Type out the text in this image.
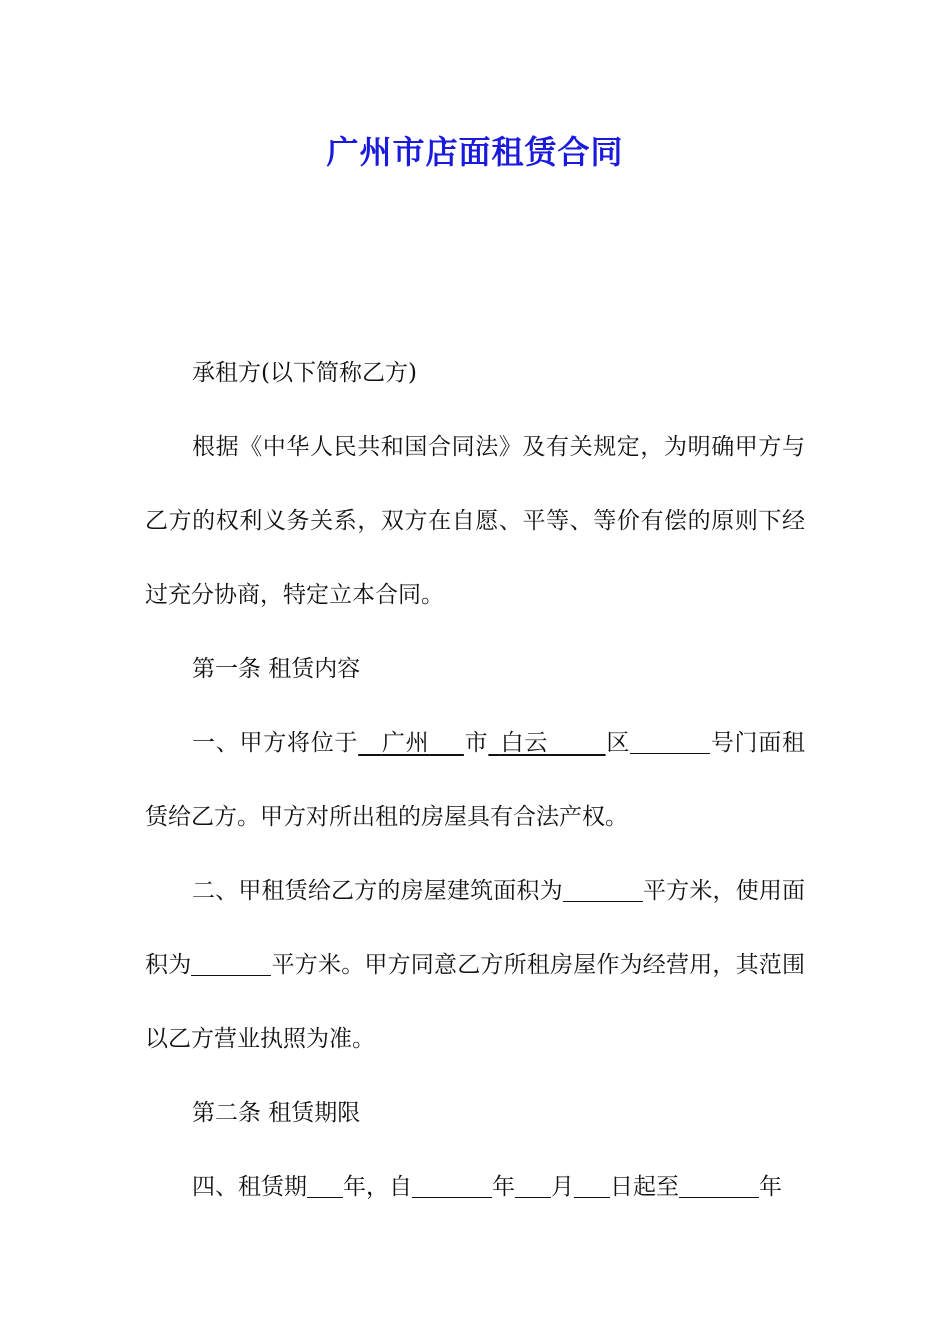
广州市店面租赁合同

承租方(以下简称乙方)

根据《中华人民共和国合同法》及有关规定，为明确甲方与乙方的权利义务关系，双方在自愿、平等、等价有偿的原则下经过充分协商，特定立本合同。

第一条 租赁内容

一、甲方将位于   广州    市  白云     	区	号门面租赁给乙方。甲方对所出租的房屋具有合法产权。

二、甲租赁给乙方的房屋建筑面积为	平方米，使用面积为	平方米。甲方同意乙方所租房屋作为经营用，其范围以乙方营业执照为准。

第二条 租赁期限

四、租赁期 年，自	年 月 日起至	年
